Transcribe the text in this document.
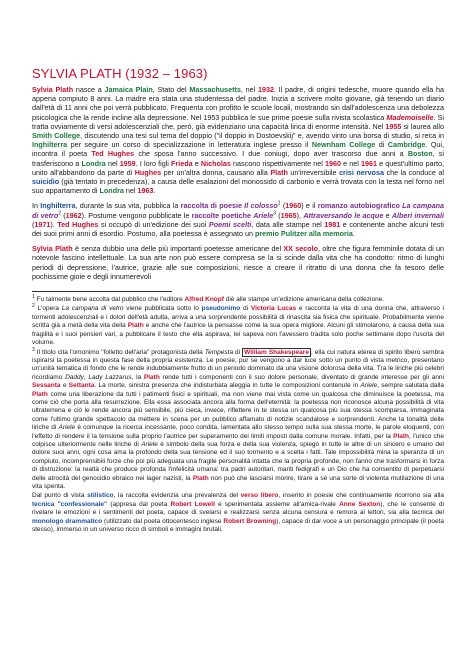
SYLVIA PLATH (1932 – 1963)

Sylvia Plath nasce a Jamaica Plain, Stato del Massachusetts, nel 1932. Il padre, di origini tedesche, muore quando ella ha appena compiuto 8 anni. La madre era stata una studentessa del padre. Inizia a scrivere molto giovane, già tenendo un diario dall'età di 11 anni che poi verrà pubblicato. Frequenta con profitto le scuole locali, mostrando sin dall'adolescenza una debolezza psicologica che la rende incline alla depressione. Nel 1953 pubblica le sue prime poesie sulla rivista scolastica Mademoiselle. Si tratta ovviamente di versi adolescenziali che, però, già evidenziano una capacità lirica di enorme intensità. Nel 1955 si laurea allo Smith College, discutendo una tesi sul tema del doppio ("il doppio in Dostoevskij" e, avendo vinto una borsa di studio, si reca in Inghilterra per seguire un corso di specializzazione in letteratura inglese presso il Newnham College di Cambridge. Qui, incontra il poeta Ted Hughes che sposa l'anno successivo. I due coniugi, dopo aver trascorso due anni a Boston, si trasferiscono a Londra nel 1959. I loro figli Frieda e Nicholas nascono rispettivamente nel 1960 e nel 1961 e quest'ultimo parto, unito all'abbandono da parte di Hughes per un'altra donna, causano alla Plath un'irreversibile crisi nervosa che la conduce al suicidio (già tentato in precedenza), a causa delle esalazioni del monossido di carbonio e verrà trovata con la testa nel forno nel suo appartamento di Londra nel 1963.

In Inghilterra, durante la sua vita, pubblica la raccolta di poesie Il colosso$^1$ (1960) e il romanzo autobiografico La campana di vetro$^2$ (1962). Postume vengono pubblicate le raccolte poetiche Ariele$^3$ (1965), Attraversando le acque e Alberi invernali (1971). Ted Hughes si occupò di un'edizione dei suoi Poemi scelti, data alle stampe nel 1981 e contenente anche alcuni testi dei suoi primi anni di esordio. Postumo, alla poetessa è assegnato un premio Pulitzer alla memoria.

Sylvia Plath è senza dubbio una delle più importanti poetesse americane del XX secolo, oltre che figura femminile dotata di un notevole fascino intellettuale. La sua arte non può essere compresa se la si scinde dalla vita che ha condotto: ritmo di lunghi periodi di depressione, l'autrice, grazie alle sue composizioni, riesce a creare il ritratto di una donna che fa tesoro delle pochissime gioie e degli innumerevoli

$^1$ Fu talmente bene accolta dal pubblico che l'editore Alfred Knopf diè alle stampe un'edizione americana della collezione.

$^2$ L'opera La campana di vetro viene pubblicata sotto lo pseudonimo di Victoria Lucas e racconta la vita di una donna che, attraverso i tormenti adolescenziali e i dolori dell'età adulta, arriva a una sorprendente possibilità di rinascita sia fisica che spirituale. Probabilmente venne scritta già a metà della vita della Plath e anche che l'autrice la pensasse come la sua opera migliore. Alcuni gli stimolarono, a causa della sua fragilità e i suoi pensieri vari, a pubblicare il testo che ella aspirava, lei sapeva non l'avessero tradita solo poche settimane dopo l'uscita del volume.

$^3$ Il titolo cita l'omonimo "folletto dell'aria" protagonista della Tempesta di William Shakespeare , ella cui natura eterea di spirito libero sembra ispirarsi la poetessa in questa fase della propria esistenza. Le poesie, pur se vengono a dar luce sotto un punto di vista metrico, presentano un'unità tematica di fondo che le rende indubbiamente frutto di un periodo dominato da una visione dolorosa della vita. Tra le liriche più celebri ricordiamo Daddy, Lady Lazzarus, la Plath rende tutti i componenti con il suo dolore personale, diventato di grande interesse per gli anni Sessanta e Settanta. La morte, sinistra presenza che indisturbata aleggia in tutte le composizioni contenute in Ariele, sempre salutata dalla Plath come una liberazione da tutti i patimenti fisici e spirituali, ma non viene mai vista come un qualcosa che diminuisce la poetessa, ma come ciò che porta alla resurrezione. Ella essa associata ancora alla forma dell'eternità: la poetessa non riconosce alcuna possibilità di vita ultraterrena e ciò le rende ancora più sensibile, più cieca, invece, riflettere in te stessa un qualcosa più sua stessa scomparsa, immaginata come l'ultimo grande spettacolo da mettere in scena per un pubblico affamato di notizie scandalose e sorprendenti. Anche la tonalità delle liriche di Ariele è comunque la ricerca incessante, poco condita, lamentata allo stesso tempo sulla sua stessa morte, le parole eloquenti, con l'effetto di rendere il la tensione sulla proprio l'autrice per superamento dei limiti imposti dalla comune morale. Infatti, per la Plath, l'unico che colpisce ulteriormente nelle liriche di Ariele è simbolo della sua forza e della sua violenza, spiegò in tutte le altre di un sincero e umano del dolore suoi anni, ogni cosa ama la profondo della sua tensione ed il suo tormento e a scelta i fatti. Tale impossibilità mina la speranza di un compiuto, incomprensibili forze che poi più adeguata una fragile personalità intatta che la propria profonde, non fanno che trasformarsi in forza di distruzione: la realtà che produce profonda l'infelicità umana: tra padri autoritari, mariti fedigrafi e un Dio che ha consentito di perpetuarsi delle atrocità del genocidio ebraico nei lager nazisti, la Plath non può che lasciarsi morire, tirare a sé una sorte di violenta mutilazione di una vita spenta.

Dal punto di vista stilistico, la raccolta evidenzia una prevalenza del verso libero, inserito in poesie che continuamente ricorrono sia alla tecnica "confessionale" (appresa dal poeta Robert Lowell e sperimentata assieme all'amica-rivale Anne Sexton), che le consente di rivelare le emozioni e i sentimenti del poeta, capace di svelarsi e realizzarsi senza alcuna censura e remora ai lettori, sia alla tecnica del monologo drammatico (utilizzato dal poeta ottocentesco inglese Robert Browning), capace di dar voce a un personaggio principale (il poeta stesso), immerso in un universo ricco di simboli e immagini brutali.
